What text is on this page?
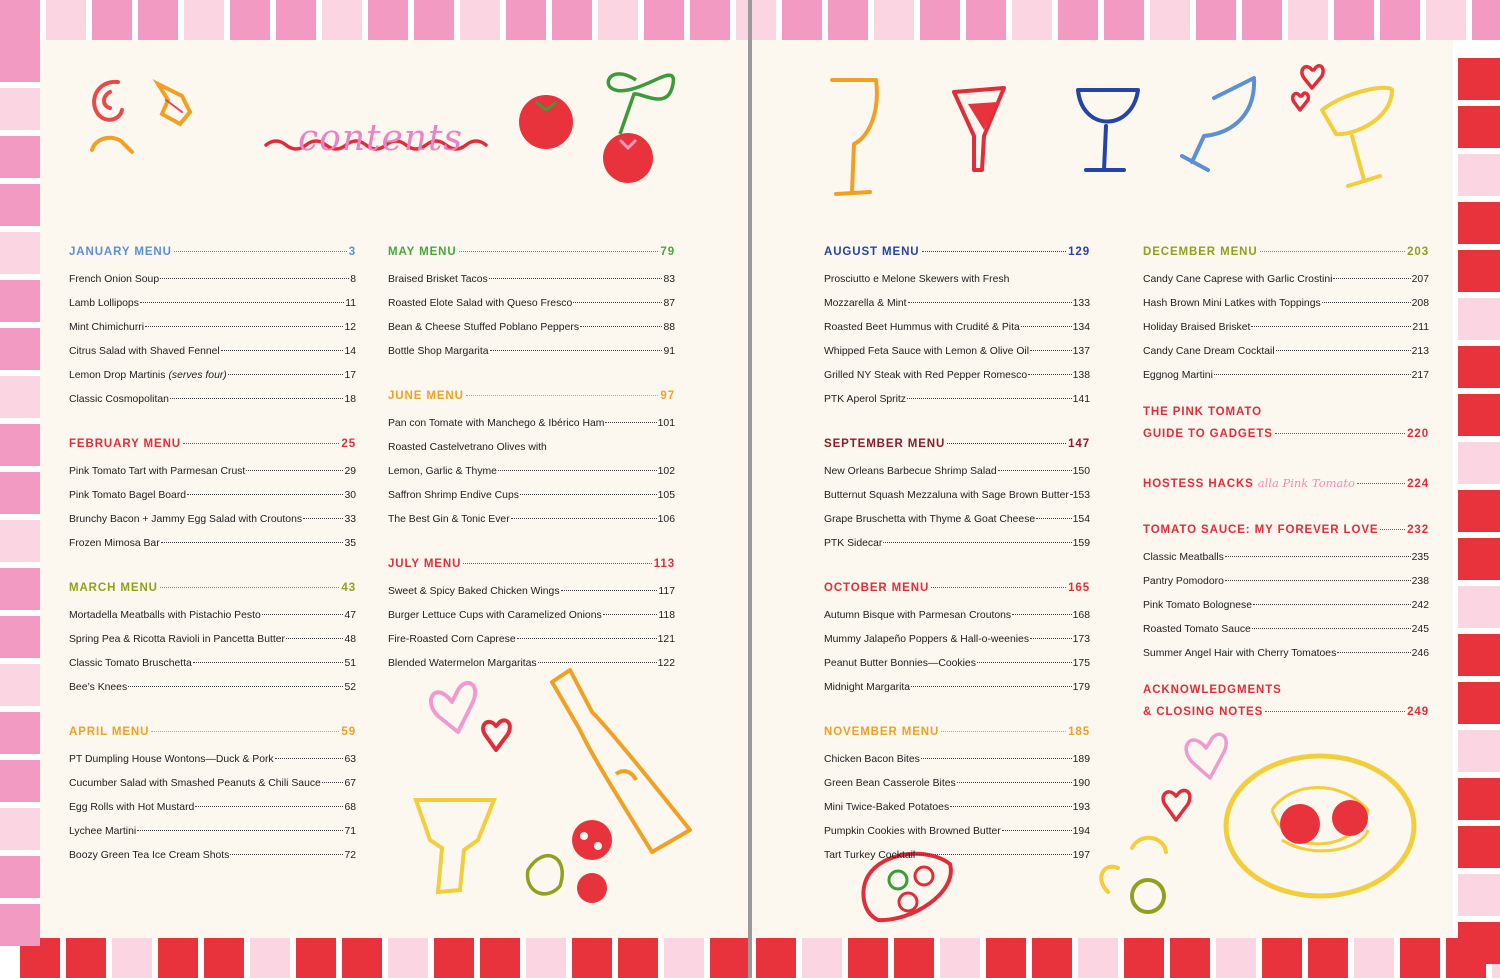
contents
JANUARY MENU	3
French Onion Soup	8
Lamb Lollipops	11
Mint Chimichurri	12
Citrus Salad with Shaved Fennel	14
Lemon Drop Martinis (serves four)	17
Classic Cosmopolitan	18
FEBRUARY MENU	25
Pink Tomato Tart with Parmesan Crust	29
Pink Tomato Bagel Board	30
Brunchy Bacon + Jammy Egg Salad with Croutons	33
Frozen Mimosa Bar	35
MARCH MENU	43
Mortadella Meatballs with Pistachio Pesto	47
Spring Pea & Ricotta Ravioli in Pancetta Butter	48
Classic Tomato Bruschetta	51
Bee’s Knees	52
APRIL MENU	59
PT Dumpling House Wontons—Duck & Pork	63
Cucumber Salad with Smashed Peanuts & Chili Sauce 67
Egg Rolls with Hot Mustard	68
Lychee Martini	71
Boozy Green Tea Ice Cream Shots	72
MAY MENU	79
Braised Brisket Tacos	83
Roasted Elote Salad with Queso Fresco	87
Bean & Cheese Stuffed Poblano Peppers	88
Bottle Shop Margarita	91
JUNE MENU	97
Pan con Tomate with Manchego & Ibérico Ham	101
Roasted Castelvetrano Olives with
Lemon, Garlic & Thyme	102
Saffron Shrimp Endive Cups	105
The Best Gin & Tonic Ever	106
JULY MENU	113
Sweet & Spicy Baked Chicken Wings	117
Burger Lettuce Cups with Caramelized Onions	118
Fire-Roasted Corn Caprese	121
Blended Watermelon Margaritas	122
AUGUST MENU	129
Prosciutto e Melone Skewers with Fresh
Mozzarella & Mint	133
Roasted Beet Hummus with Crudité & Pita	134
Whipped Feta Sauce with Lemon & Olive Oil	137
Grilled NY Steak with Red Pepper Romesco	138
PTK Aperol Spritz	141
SEPTEMBER MENU	147
New Orleans Barbecue Shrimp Salad	150
Butternut Squash Mezzaluna with Sage Brown Butter 153
Grape Bruschetta with Thyme & Goat Cheese	154
PTK Sidecar	159
OCTOBER MENU	165
Autumn Bisque with Parmesan Croutons	168
Mummy Jalapeño Poppers & Hall-o-weenies	173
Peanut Butter Bonnies—Cookies	175
Midnight Margarita	179
NOVEMBER MENU	185
Chicken Bacon Bites	189
Green Bean Casserole Bites	190
Mini Twice-Baked Potatoes	193
Pumpkin Cookies with Browned Butter	194
Tart Turkey Cocktail	197
DECEMBER MENU	203
Candy Cane Caprese with Garlic Crostini	207
Hash Brown Mini Latkes with Toppings	208
Holiday Braised Brisket	211
Candy Cane Dream Cocktail	213
Eggnog Martini	217
THE PINK TOMATO
GUIDE TO GADGETS	220
HOSTESS HACKS alla Pink Tomato	224
TOMATO SAUCE: MY FOREVER LOVE 232
Classic Meatballs	235
Pantry Pomodoro	238
Pink Tomato Bolognese	242
Roasted Tomato Sauce	245
Summer Angel Hair with Cherry Tomatoes	246
ACKNOWLEDGMENTS
& CLOSING NOTES	249
